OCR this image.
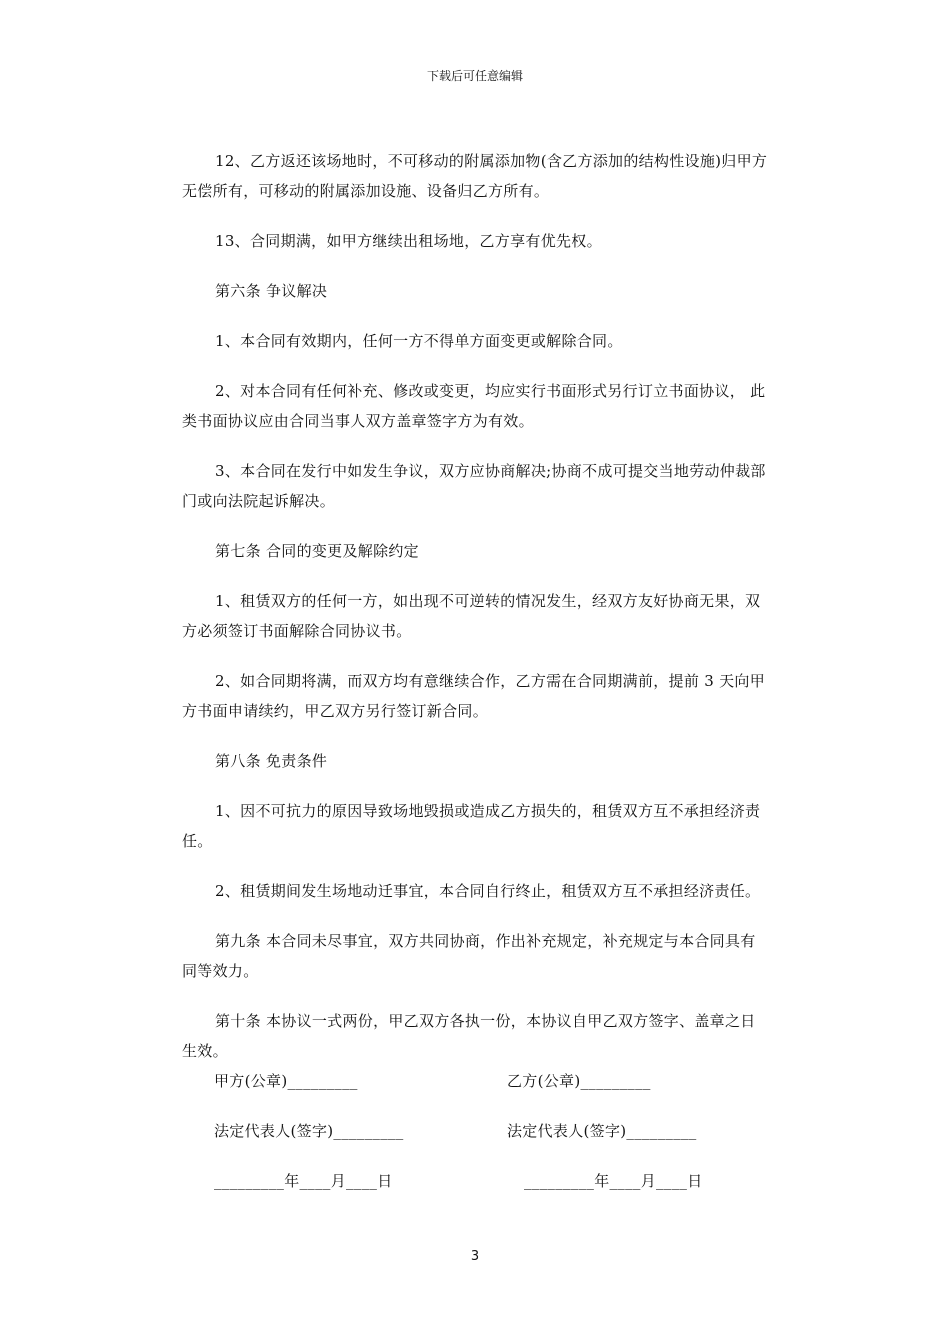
下载后可任意编辑

12、乙方返还该场地时，不可移动的附属添加物(含乙方添加的结构性设施)归甲方无偿所有，可移动的附属添加设施、设备归乙方所有。

13、合同期满，如甲方继续出租场地，乙方享有优先权。

第六条 争议解决

1、本合同有效期内，任何一方不得单方面变更或解除合同。

2、对本合同有任何补充、修改或变更，均应实行书面形式另行订立书面协议， 此类书面协议应由合同当事人双方盖章签字方为有效。

3、本合同在发行中如发生争议，双方应协商解决;协商不成可提交当地劳动仲裁部门或向法院起诉解决。

第七条 合同的变更及解除约定

1、租赁双方的任何一方，如出现不可逆转的情况发生，经双方友好协商无果，双方必须签订书面解除合同协议书。

2、如合同期将满，而双方均有意继续合作，乙方需在合同期满前，提前 3 天向甲方书面申请续约，甲乙双方另行签订新合同。

第八条 免责条件

1、因不可抗力的原因导致场地毁损或造成乙方损失的，租赁双方互不承担经济责任。

2、租赁期间发生场地动迁事宜，本合同自行终止，租赁双方互不承担经济责任。

第九条 本合同未尽事宜，双方共同协商，作出补充规定，补充规定与本合同具有同等效力。

第十条 本协议一式两份，甲乙双方各执一份，本协议自甲乙双方签字、盖章之日生效。

甲方(公章)_________	乙方(公章)_________
法定代表人(签字)_________	法定代表人(签字)_________
_________年____月____日	_________年____月____日
3
